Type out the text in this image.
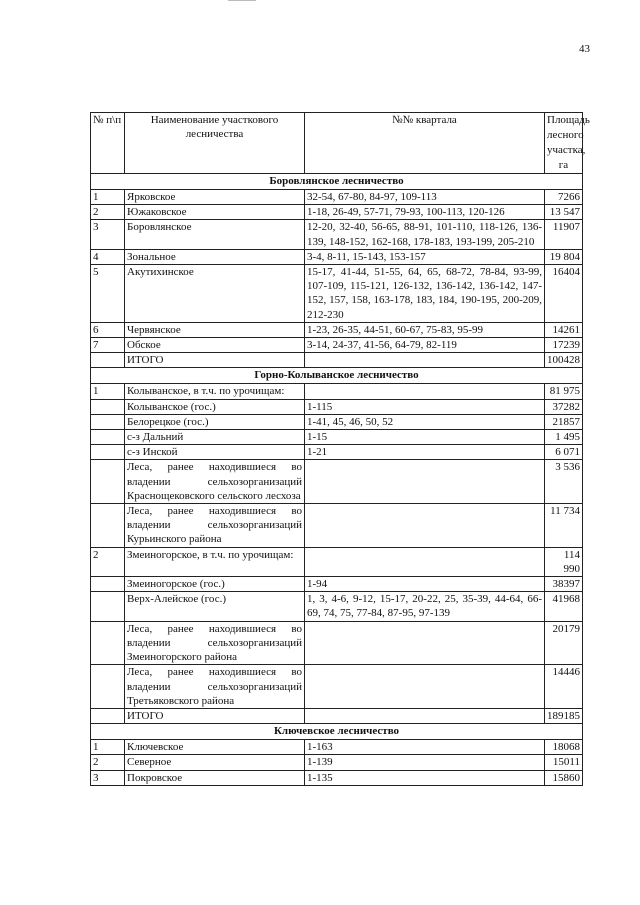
43
№ п\п	Наименование участкового лесничества	№№ квартала	Площадь лесного участка, га
Боровлянское лесничество			
1	Ярковское	32-54, 67-80, 84-97, 109-113	7266
2	Южаковское	1-18, 26-49, 57-71, 79-93, 100-113, 120-126	13 547
3	Боровлянское	12-20, 32-40, 56-65, 88-91, 101-110, 118-126, 136-139, 148-152, 162-168, 178-183, 193-199, 205-210	11907
4	Зональное	3-4, 8-11, 15-143, 153-157	19 804
5	Акутихинское	15-17, 41-44, 51-55, 64, 65, 68-72, 78-84, 93-99, 107-109, 115-121, 126-132, 136-142, 136-142, 147-152, 157, 158, 163-178, 183, 184, 190-195, 200-209, 212-230	16404
6	Червянское	1-23, 26-35, 44-51, 60-67, 75-83, 95-99	14261
7	Обское	3-14, 24-37, 41-56, 64-79, 82-119	17239
	ИТОГО		100428
Горно-Колыванское лесничество			
1	Колыванское, в т.ч. по урочищам:		81 975
	Колыванское (гос.)	1-115	37282
	Белорецкое (гос.)	1-41, 45, 46, 50, 52	21857
	с-з Дальний	1-15	1 495
	с-з Инской	1-21	6 071
	Леса, ранее находившиеся во владении сельхозорганизаций Краснощековского сельского лесхоза		3 536
	Леса, ранее находившиеся во владении сельхозорганизаций Курьинского района		11 734
2	Змеиногорское, в т.ч. по урочищам:		114 990
	Змеиногорское (гос.)	1-94	38397
	Верх-Алейское (гос.)	1, 3, 4-6, 9-12, 15-17, 20-22, 25, 35-39, 44-64, 66-69, 74, 75, 77-84, 87-95, 97-139	41968
	Леса, ранее находившиеся во владении сельхозорганизаций Змеиногорского района		20179
	Леса, ранее находившиеся во владении сельхозорганизаций Третьяковского района		14446
	ИТОГО		189185
Ключевское лесничество			
1	Ключевское	1-163	18068
2	Северное	1-139	15011
3	Покровское	1-135	15860
